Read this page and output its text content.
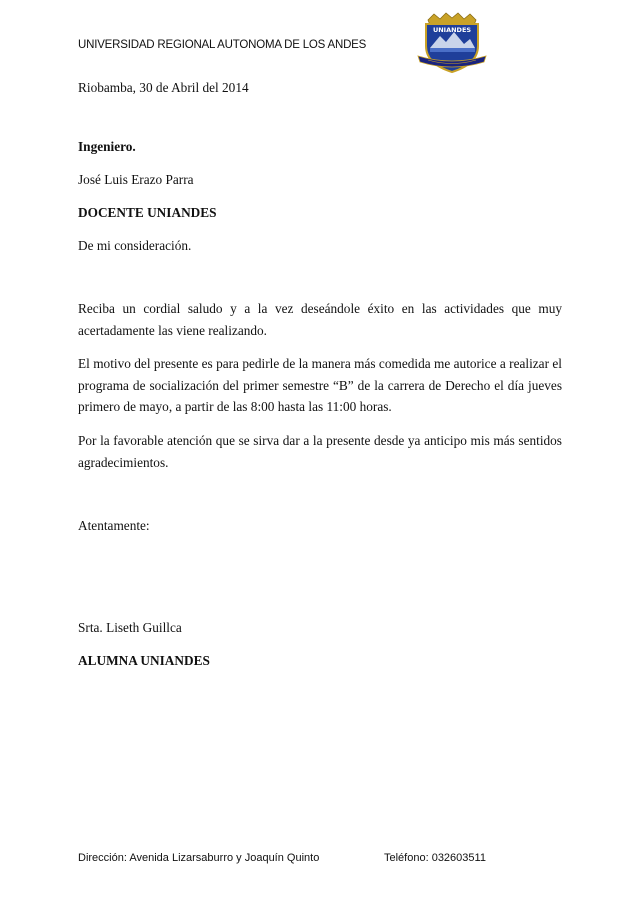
UNIVERSIDAD REGIONAL AUTONOMA DE LOS ANDES
UNIANDES
Riobamba, 30 de Abril del 2014
Ingeniero.
José Luis Erazo Parra
DOCENTE UNIANDES
De mi consideración.
Reciba un cordial saludo y a la vez deseándole éxito en las actividades que muy acertadamente las viene realizando.
El motivo del presente es para pedirle de la manera más comedida me autorice a realizar el programa de socialización del primer semestre “B” de la carrera de Derecho el día jueves primero de mayo, a partir de las 8:00 hasta las 11:00 horas.
Por la favorable atención que se sirva dar a la presente desde ya anticipo mis más sentidos agradecimientos.
Atentamente:
Srta. Liseth Guillca
ALUMNA UNIANDES
Dirección: Avenida Lizarsaburro y Joaquín Quinto	Teléfono: 032603511
